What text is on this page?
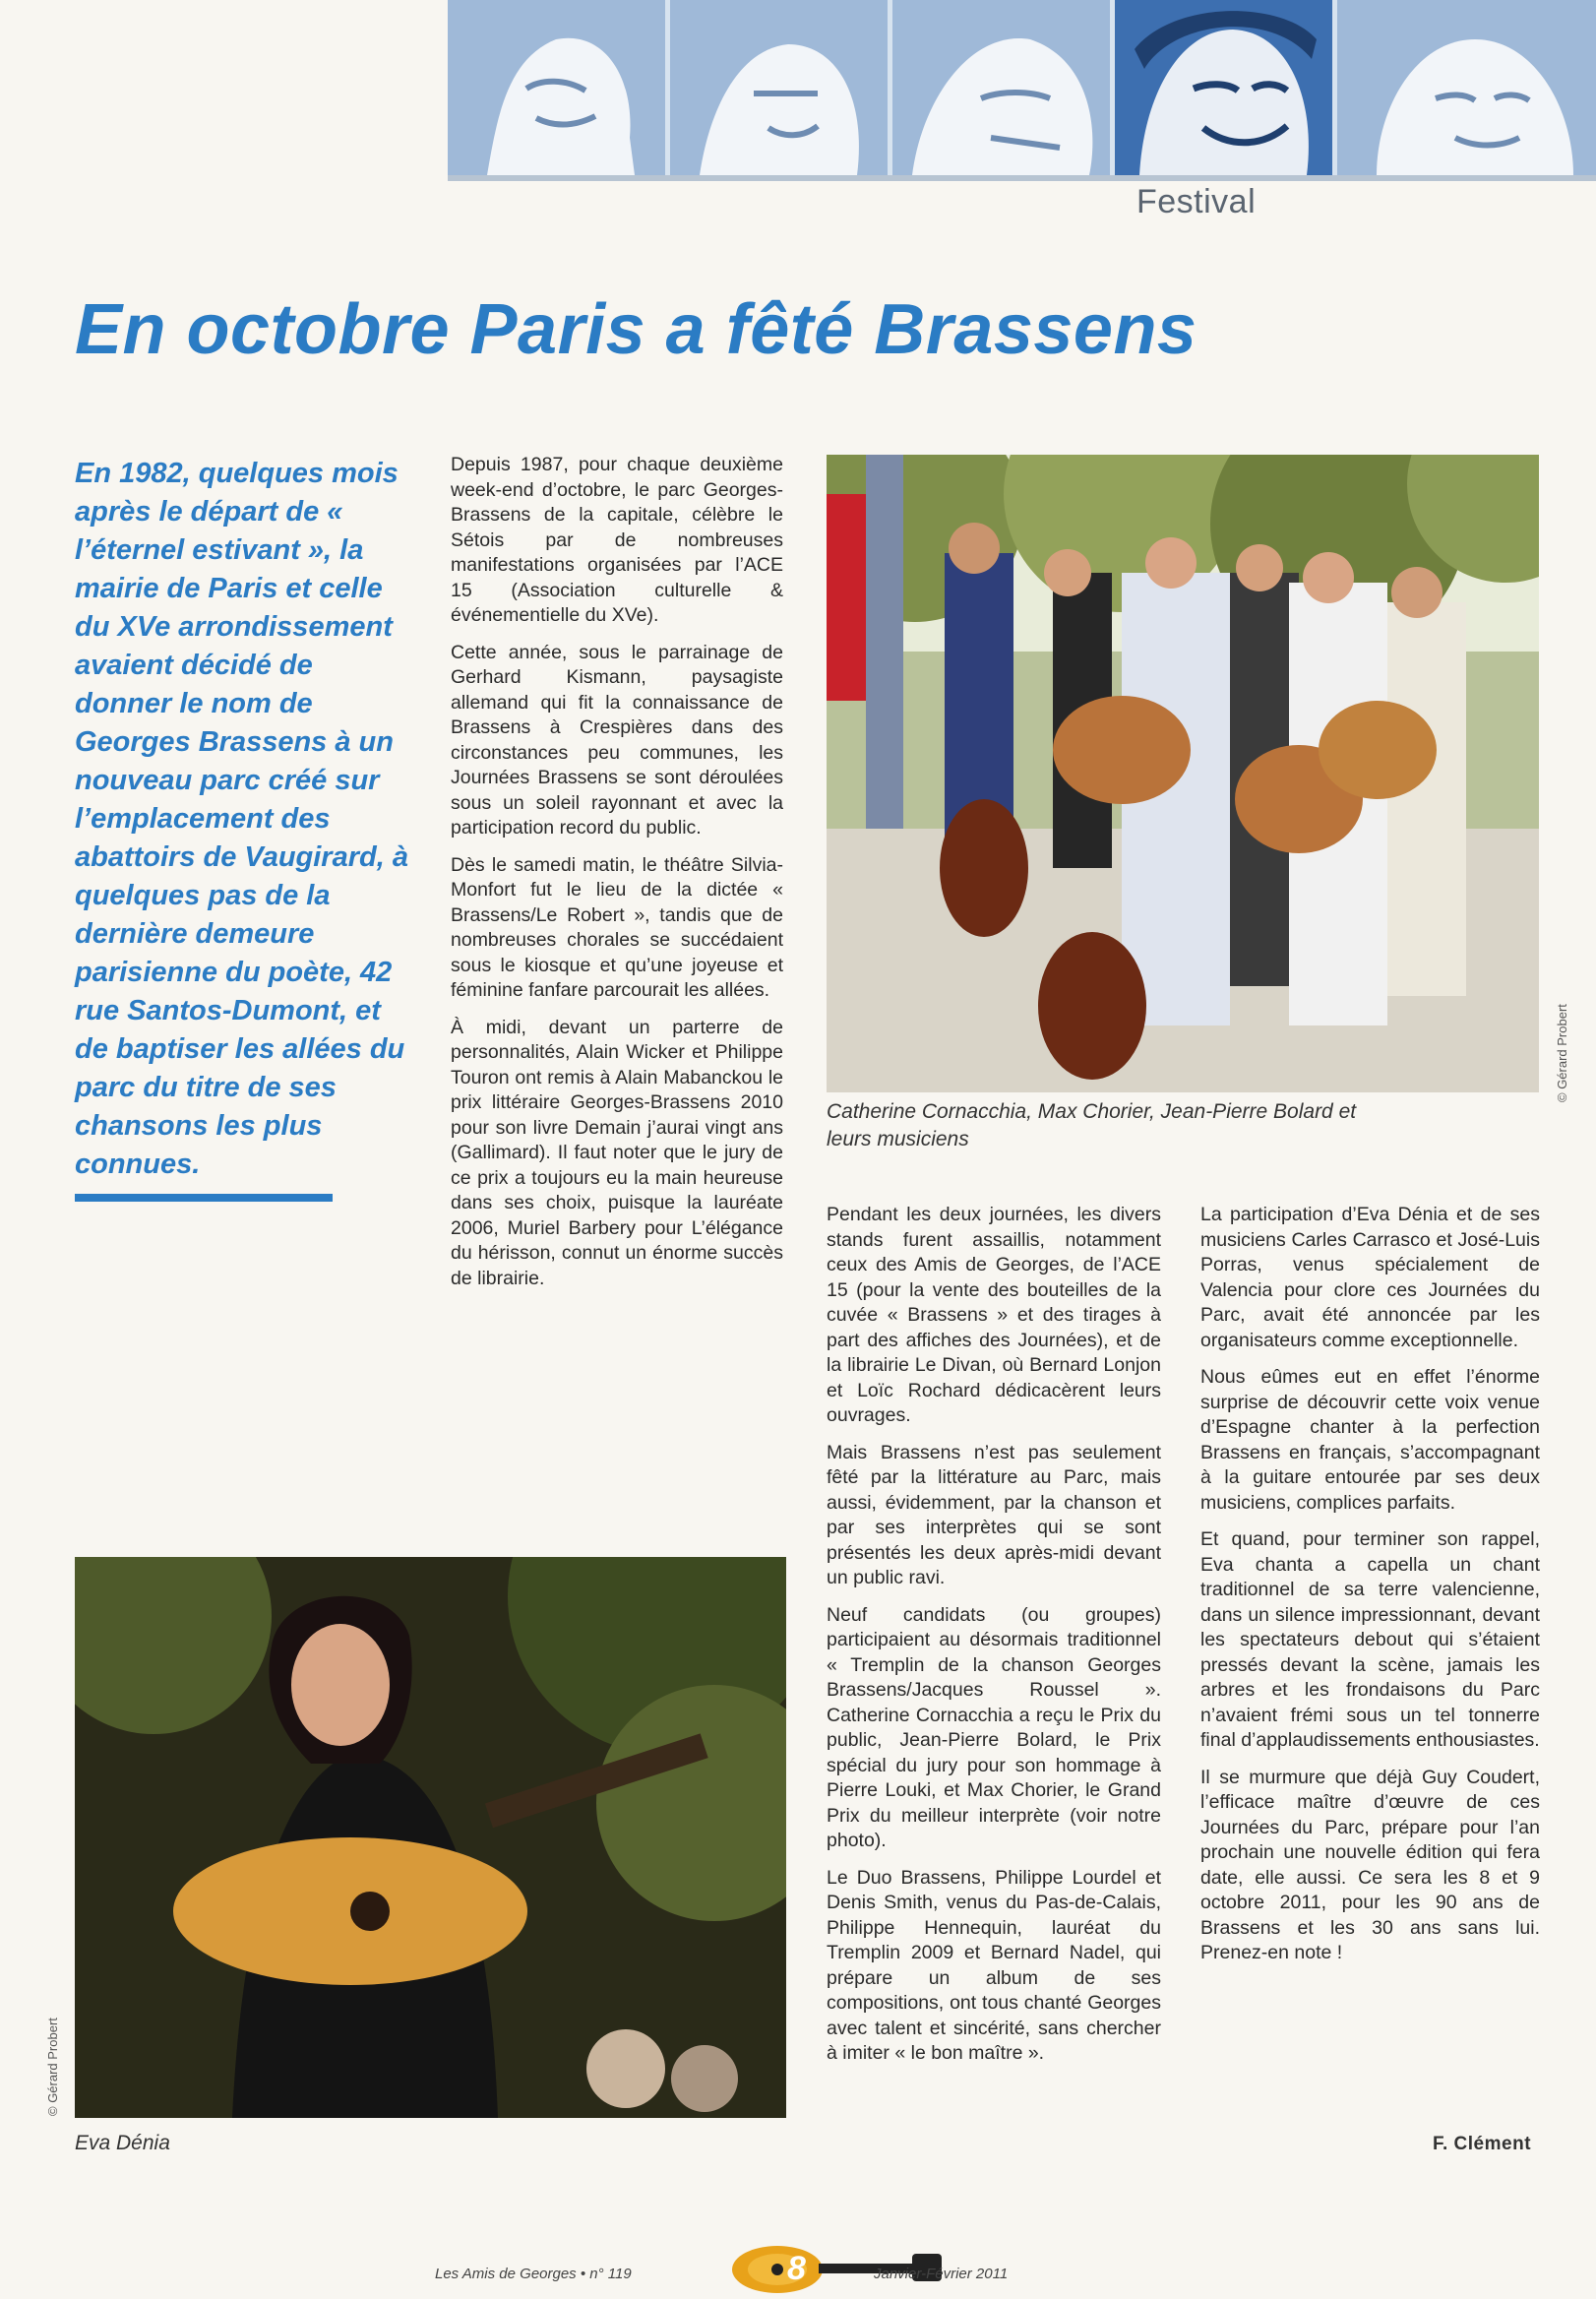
Festival
En octobre Paris a fêté Brassens
En 1982, quelques mois après le départ de « l’éternel estivant », la mairie de Paris et celle du XVe arrondissement avaient décidé de donner le nom de Georges Brassens à un nouveau parc créé sur l’emplacement des abattoirs de Vaugirard, à quelques pas de la dernière demeure parisienne du poète, 42 rue Santos-Dumont, et de baptiser les allées du parc du titre de ses chansons les plus connues.

Depuis 1987, pour chaque deuxième week-end d’octobre, le parc Georges-Brassens de la capitale, célèbre le Sétois par de nombreuses manifestations organisées par l’ACE 15 (Association culturelle & événementielle du XVe).

Cette année, sous le parrainage de Gerhard Kismann, paysagiste allemand qui fit la connaissance de Brassens à Crespières dans des circonstances peu communes, les Journées Brassens se sont déroulées sous un soleil rayonnant et avec la participation record du public.

Dès le samedi matin, le théâtre Silvia-Monfort fut le lieu de la dictée « Brassens/Le Robert », tandis que de nombreuses chorales se succédaient sous le kiosque et qu’une joyeuse et féminine fanfare parcourait les allées.

À midi, devant un parterre de personnalités, Alain Wicker et Philippe Touron ont remis à Alain Mabanckou le prix littéraire Georges-Brassens 2010 pour son livre Demain j’aurai vingt ans (Gallimard). Il faut noter que le jury de ce prix a toujours eu la main heureuse dans ses choix, puisque la lauréate 2006, Muriel Barbery pour L’élégance du hérisson, connut un énorme succès de librairie.

© Gérard Probert
Catherine Cornacchia, Max Chorier, Jean-Pierre Bolard et leurs musiciens
© Gérard Probert
Eva Dénia

Pendant les deux journées, les divers stands furent assaillis, notamment ceux des Amis de Georges, de l’ACE 15 (pour la vente des bouteilles de la cuvée « Brassens » et des tirages à part des affiches des Journées), et de la librairie Le Divan, où Bernard Lonjon et Loïc Rochard dédicacèrent leurs ouvrages.

Mais Brassens n’est pas seulement fêté par la littérature au Parc, mais aussi, évidemment, par la chanson et par ses interprètes qui se sont présentés les deux après-midi devant un public ravi.

Neuf candidats (ou groupes) participaient au désormais traditionnel « Tremplin de la chanson Georges Brassens/Jacques Roussel ». Catherine Cornacchia a reçu le Prix du public, Jean-Pierre Bolard, le Prix spécial du jury pour son hommage à Pierre Louki, et Max Chorier, le Grand Prix du meilleur interprète (voir notre photo).

Le Duo Brassens, Philippe Lourdel et Denis Smith, venus du Pas-de-Calais, Philippe Hennequin, lauréat du Tremplin 2009 et Bernard Nadel, qui prépare un album de ses compositions, ont tous chanté Georges avec talent et sincérité, sans chercher à imiter « le bon maître ».

La participation d’Eva Dénia et de ses musiciens Carles Carrasco et José-Luis Porras, venus spécialement de Valencia pour clore ces Journées du Parc, avait été annoncée par les organisateurs comme exceptionnelle.

Nous eûmes eut en effet l’énorme surprise de découvrir cette voix venue d’Espagne chanter à la perfection Brassens en français, s’accompagnant à la guitare entourée par ses deux musiciens, complices parfaits.

Et quand, pour terminer son rappel, Eva chanta a capella un chant traditionnel de sa terre valencienne, dans un silence impressionnant, devant les spectateurs debout qui s’étaient pressés devant la scène, jamais les arbres et les frondaisons du Parc n’avaient frémi sous un tel tonnerre final d’applaudissements enthousiastes.

Il se murmure que déjà Guy Coudert, l’efficace maître d’œuvre de ces Journées du Parc, prépare pour l’an prochain une nouvelle édition qui fera date, elle aussi. Ce sera les 8 et 9 octobre 2011, pour les 90 ans de Brassens et les 30 ans sans lui. Prenez-en note !

F. Clément
Les Amis de Georges • n° 119	8	Janvier-Février 2011
